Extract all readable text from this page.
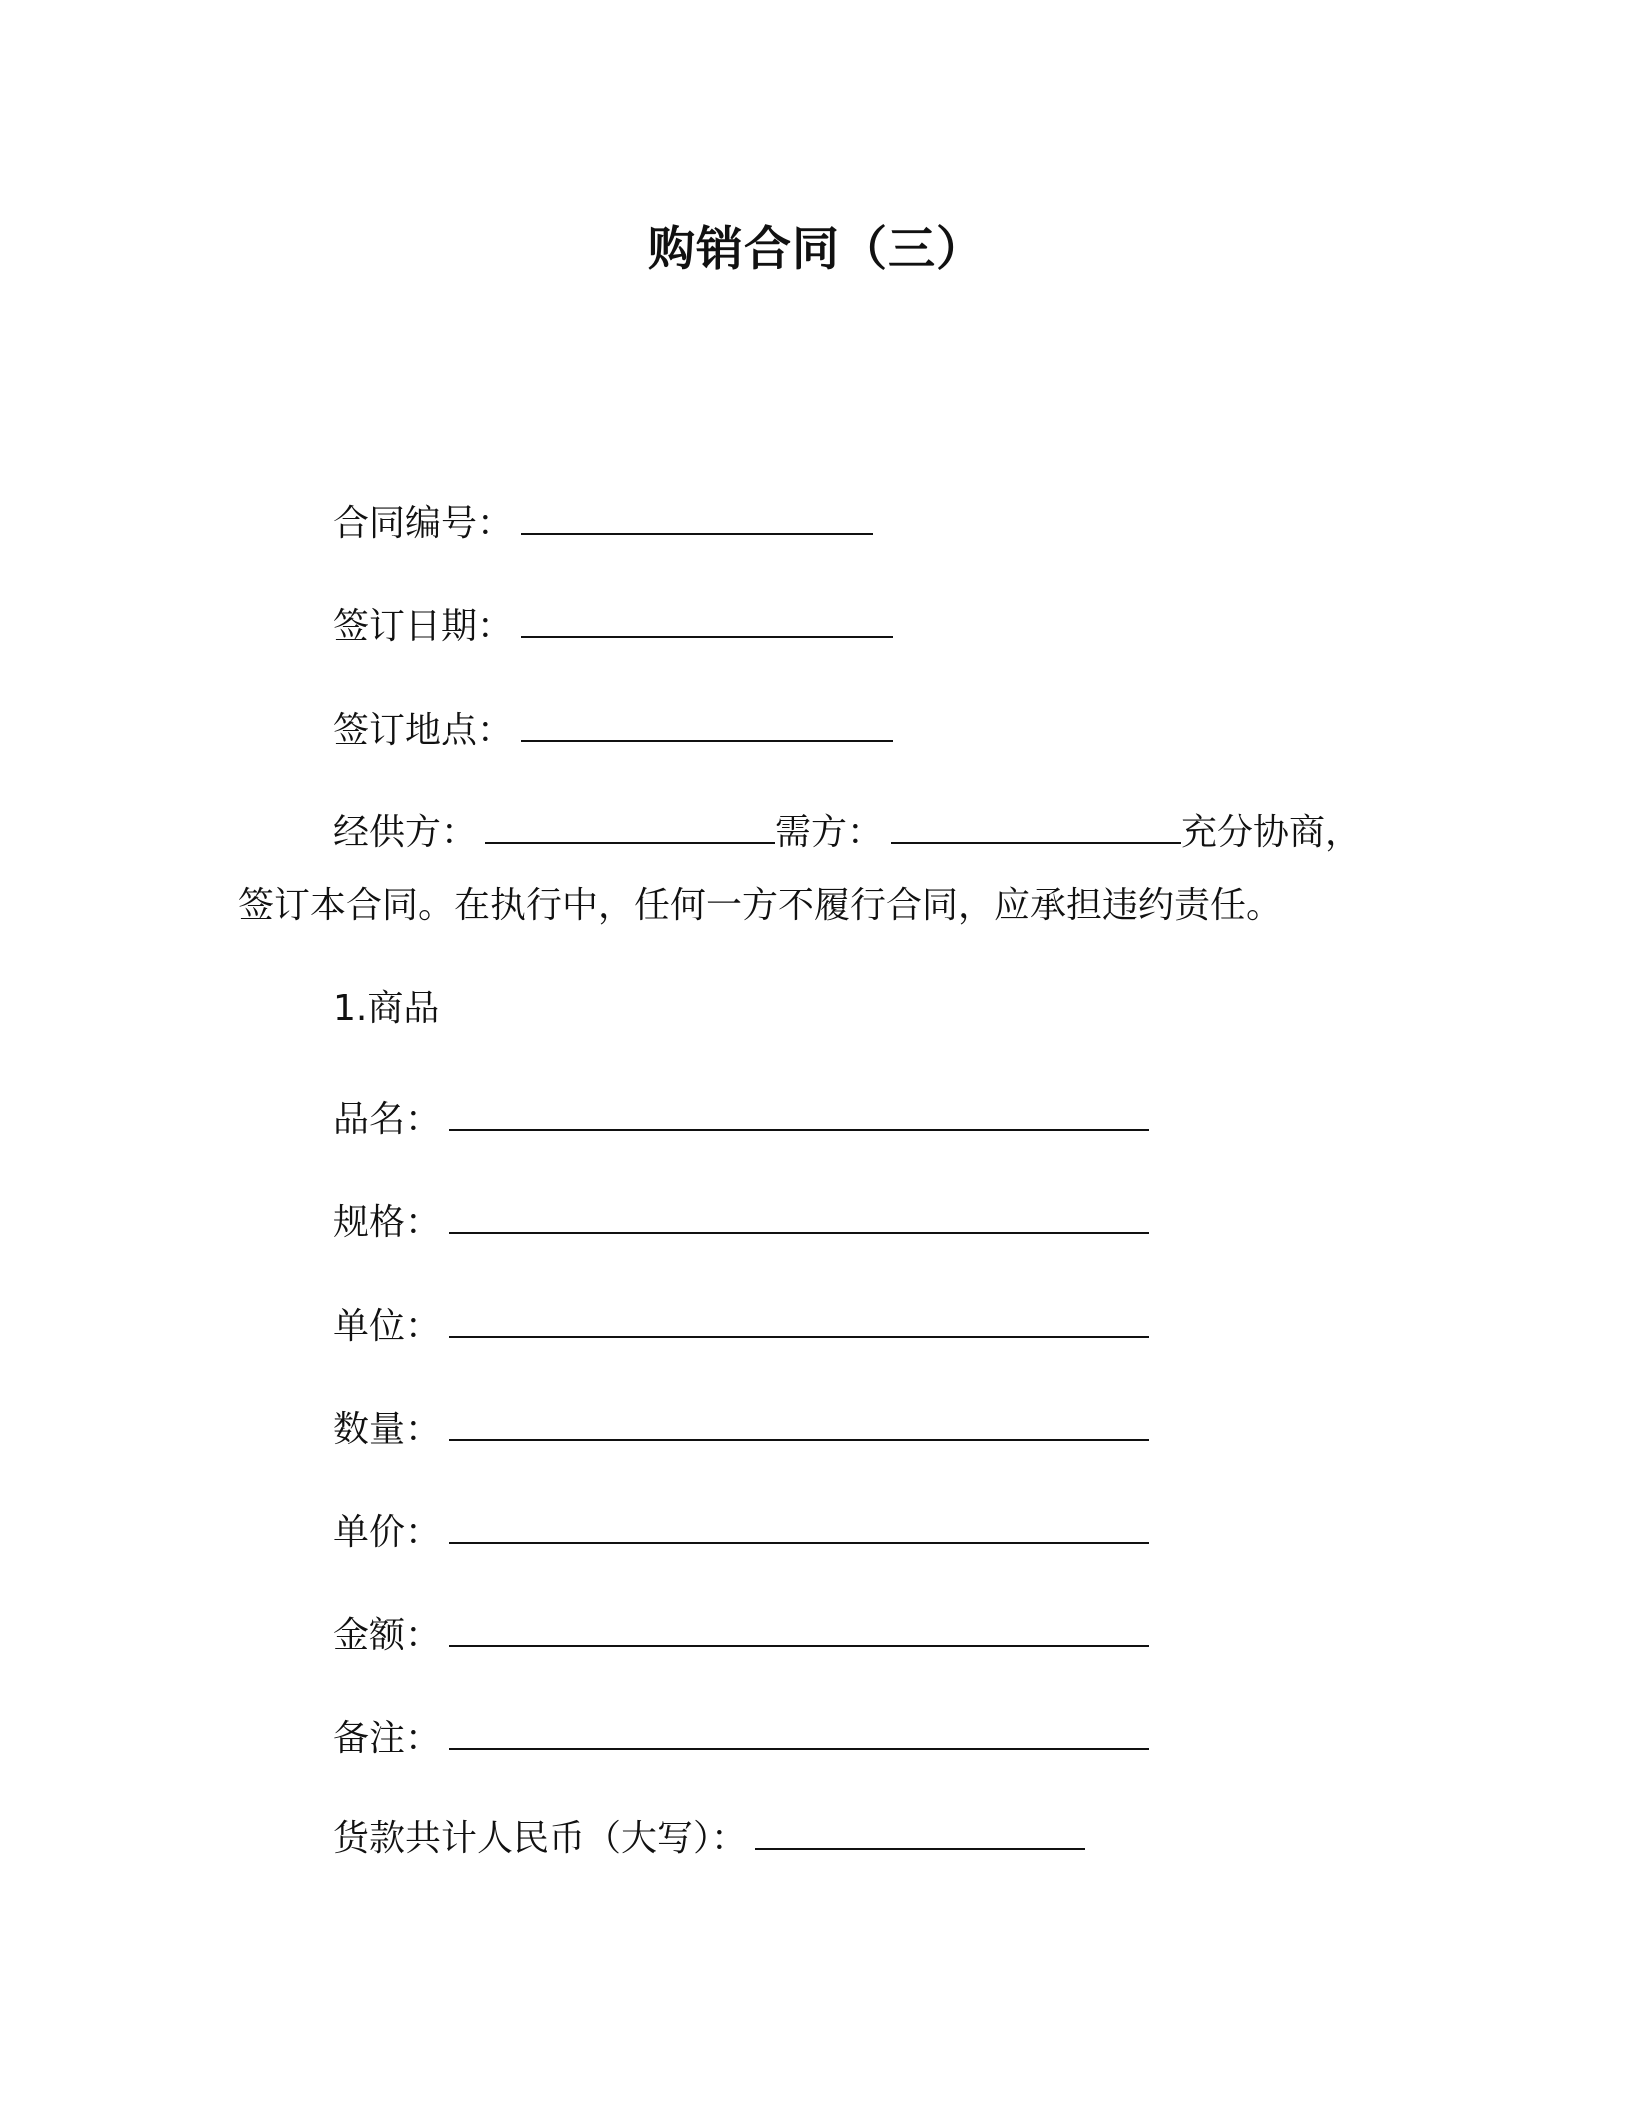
购销合同（三）
合同编号：
签订日期：
签订地点：
经供方：	需方：	充分协商，
签订本合同。在执行中，任何一方不履行合同，应承担违约责任。
1.商品
品名：
规格：
单位：
数量：
单价：
金额：
备注：
货款共计人民币（大写）：
